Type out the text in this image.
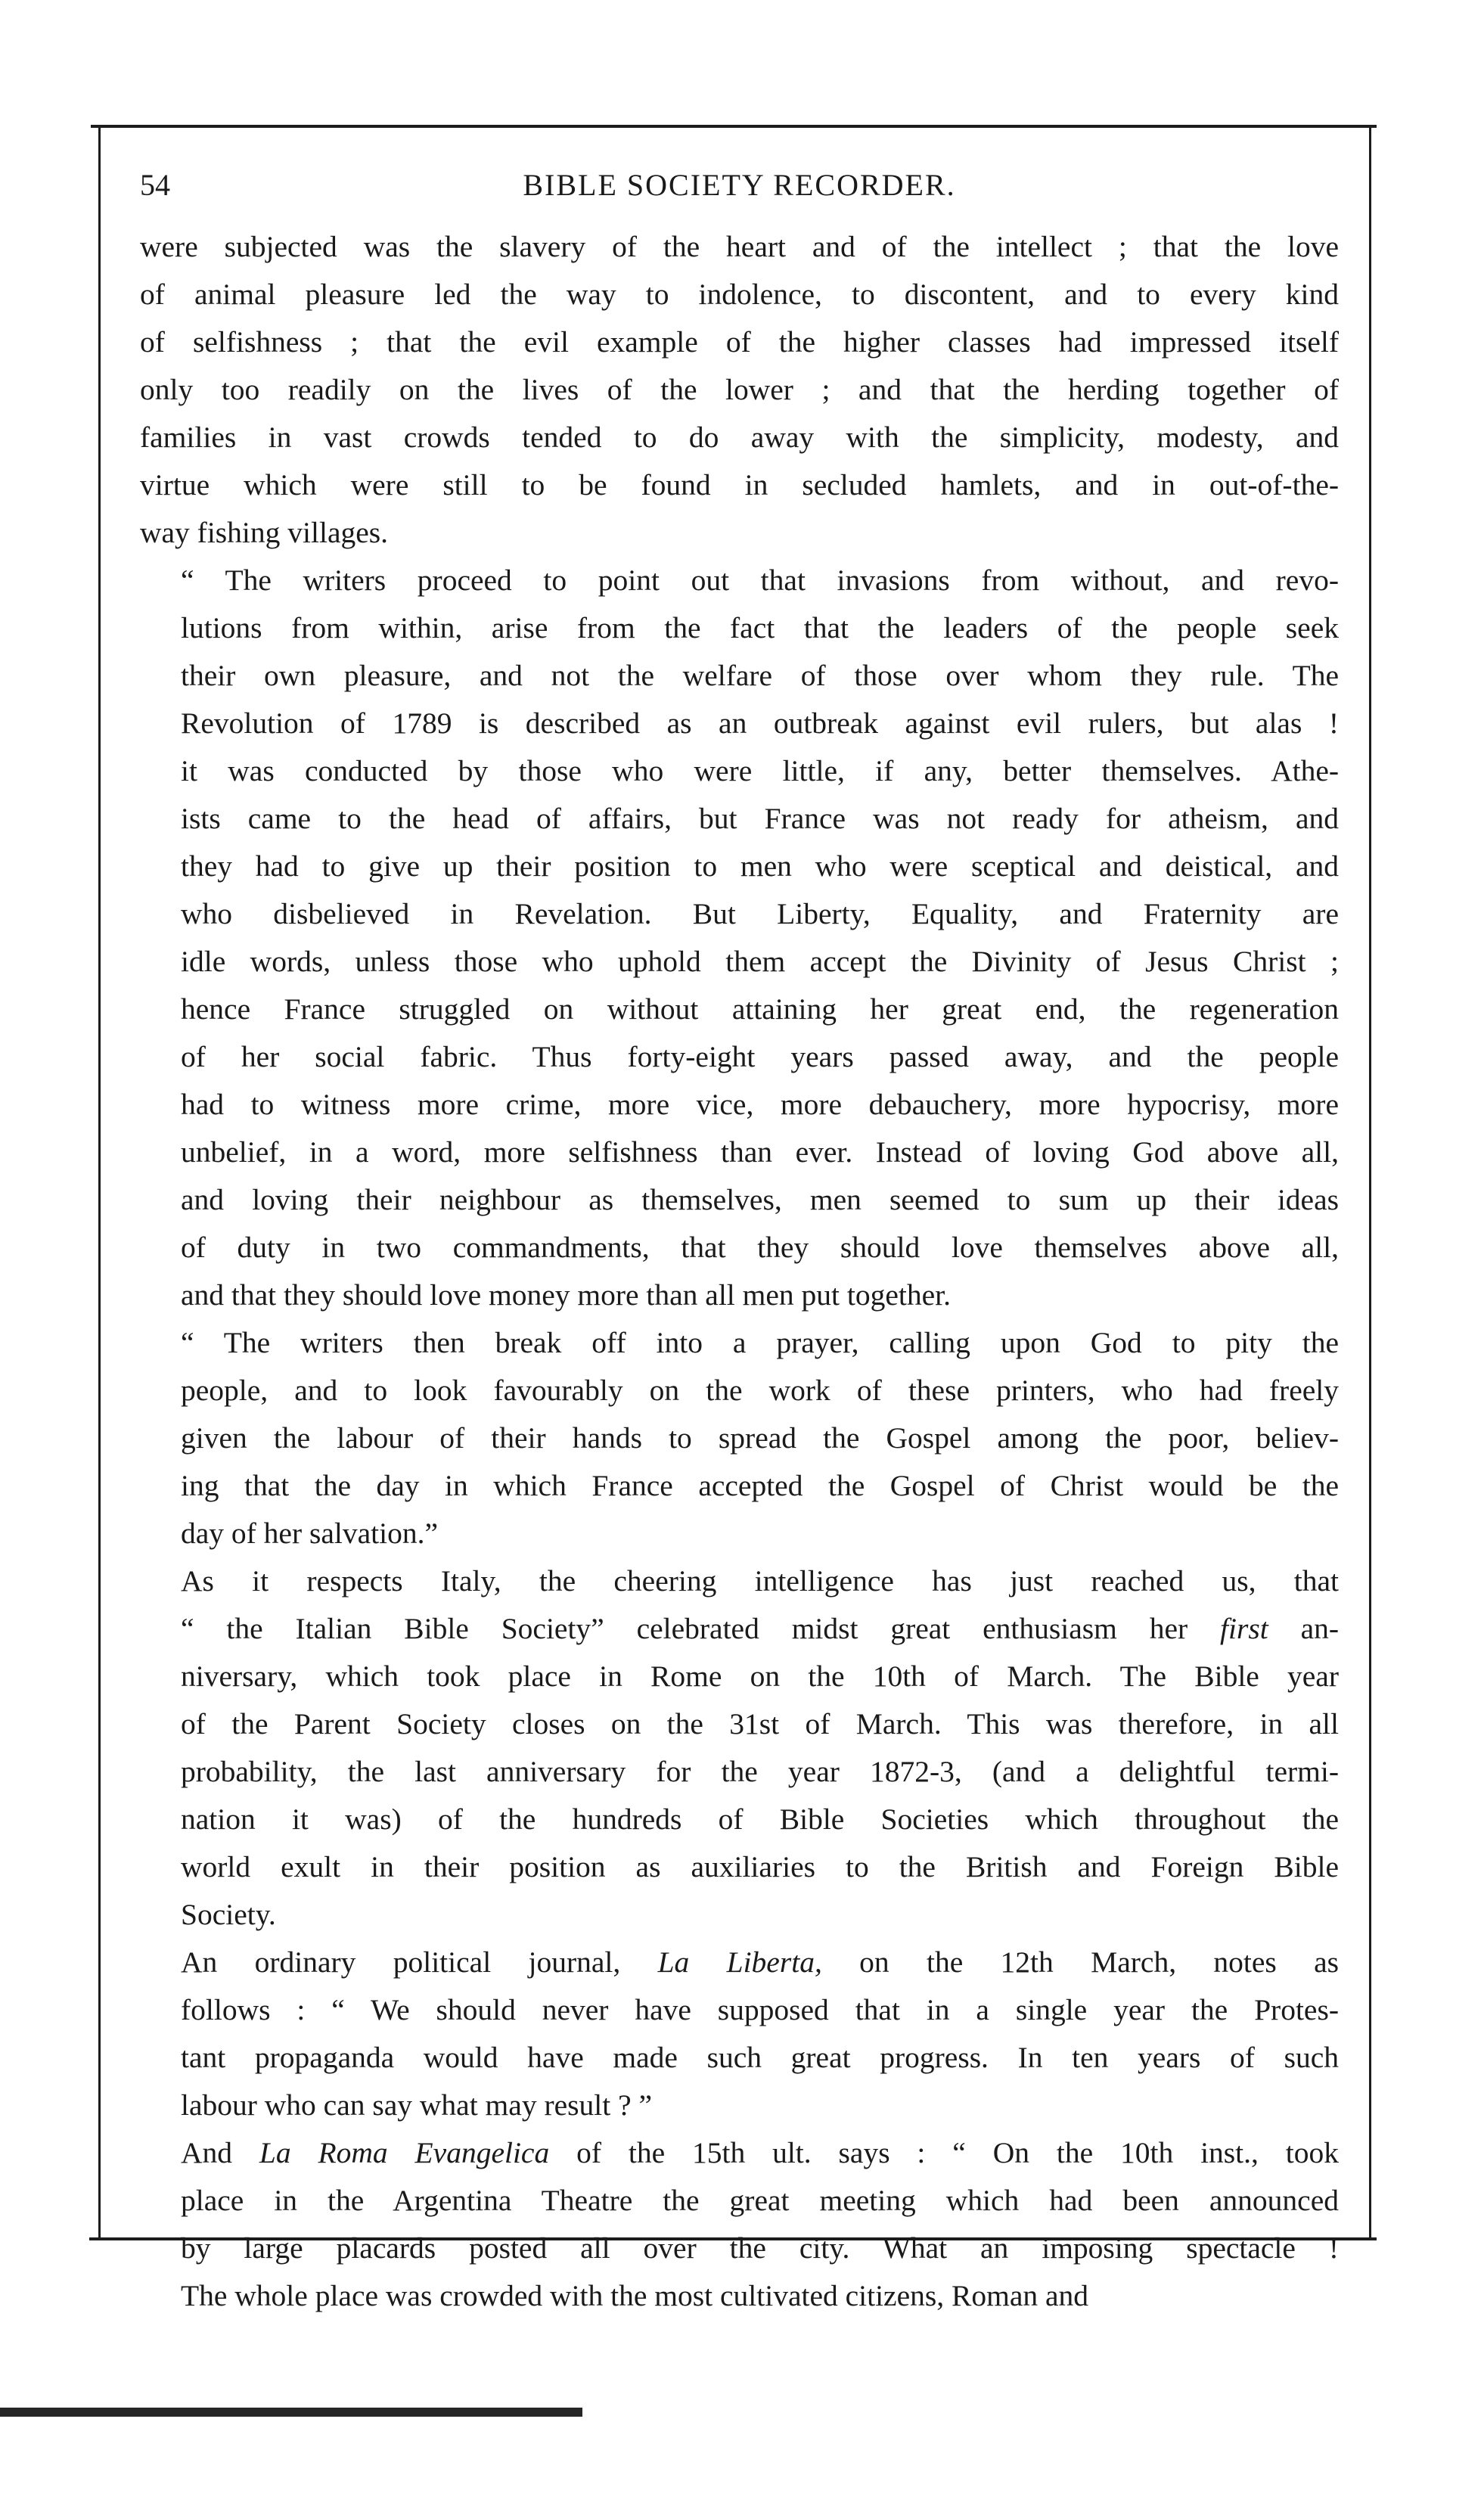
54	BIBLE SOCIETY RECORDER.

were subjected was the slavery of the heart and of the intellect ; that the love
of animal pleasure led the way to indolence, to discontent, and to every kind
of selfishness ; that the evil example of the higher classes had impressed itself
only too readily on the lives of the lower ; and that the herding together of
families in vast crowds tended to do away with the simplicity, modesty, and
virtue which were still to be found in secluded hamlets, and in out-of-the-
way fishing villages.

“ The writers proceed to point out that invasions from without, and revo-
lutions from within, arise from the fact that the leaders of the people seek
their own pleasure, and not the welfare of those over whom they rule. The
Revolution of 1789 is described as an outbreak against evil rulers, but alas !
it was conducted by those who were little, if any, better themselves. Athe-
ists came to the head of affairs, but France was not ready for atheism, and
they had to give up their position to men who were sceptical and deistical, and
who disbelieved in Revelation. But Liberty, Equality, and Fraternity are
idle words, unless those who uphold them accept the Divinity of Jesus Christ ;
hence France struggled on without attaining her great end, the regeneration
of her social fabric. Thus forty-eight years passed away, and the people
had to witness more crime, more vice, more debauchery, more hypocrisy, more
unbelief, in a word, more selfishness than ever. Instead of loving God above all,
and loving their neighbour as themselves, men seemed to sum up their ideas
of duty in two commandments, that they should love themselves above all,
and that they should love money more than all men put together.

“ The writers then break off into a prayer, calling upon God to pity the
people, and to look favourably on the work of these printers, who had freely
given the labour of their hands to spread the Gospel among the poor, believ-
ing that the day in which France accepted the Gospel of Christ would be the
day of her salvation.”

As it respects Italy, the cheering intelligence has just reached us, that
“ the Italian Bible Society” celebrated midst great enthusiasm her first an-
niversary, which took place in Rome on the 10th of March. The Bible year
of the Parent Society closes on the 31st of March. This was therefore, in all
probability, the last anniversary for the year 1872-3, (and a delightful termi-
nation it was) of the hundreds of Bible Societies which throughout the
world exult in their position as auxiliaries to the British and Foreign Bible
Society.

An ordinary political journal, La Liberta, on the 12th March, notes as
follows : “ We should never have supposed that in a single year the Protes-
tant propaganda would have made such great progress. In ten years of such
labour who can say what may result ? ”

And La Roma Evangelica of the 15th ult. says : “ On the 10th inst., took
place in the Argentina Theatre the great meeting which had been announced
by large placards posted all over the city. What an imposing spectacle !
The whole place was crowded with the most cultivated citizens, Roman and
